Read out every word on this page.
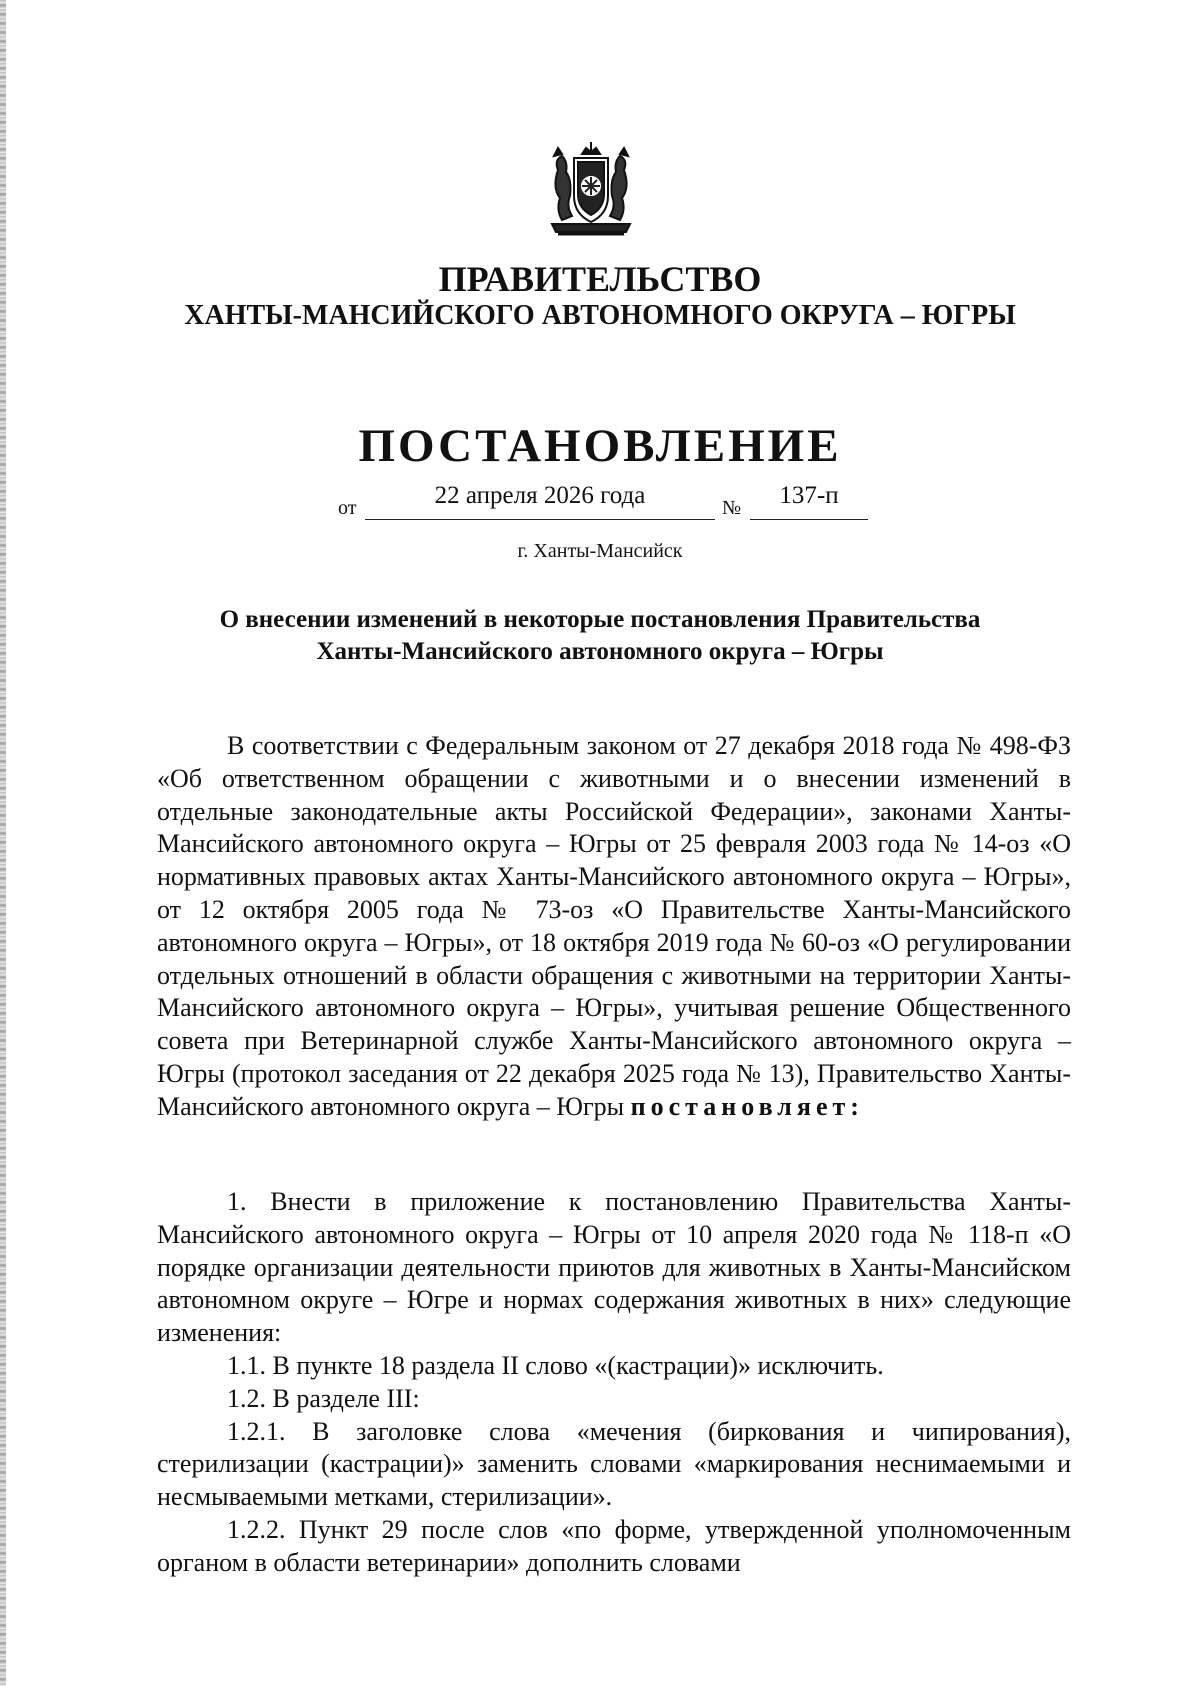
ПРАВИТЕЛЬСТВО
ХАНТЫ-МАНСИЙСКОГО АВТОНОМНОГО ОКРУГА – ЮГРЫ
ПОСТАНОВЛЕНИЕ
от	22 апреля 2026 года	№	137-п
г. Ханты-Мансийск
О внесении изменений в некоторые постановления Правительства
Ханты-Мансийского автономного округа – Югры

В соответствии с Федеральным законом от 27 декабря 2018 года № 498-ФЗ «Об ответственном обращении с животными и о внесении изменений в отдельные законодательные акты Российской Федерации», законами Ханты-Мансийского автономного округа – Югры от 25 февраля 2003 года № 14-оз «О нормативных правовых актах Ханты-Мансийского автономного округа – Югры», от 12 октября 2005 года № 73-оз «О Правительстве Ханты-Мансийского автономного округа – Югры», от 18 октября 2019 года № 60-оз «О регулировании отдельных отношений в области обращения с животными на территории Ханты-Мансийского автономного округа – Югры», учитывая решение Общественного совета при Ветеринарной службе Ханты-Мансийского автономного округа – Югры (протокол заседания от 22 декабря 2025 года № 13), Правительство Ханты-Мансийского автономного округа – Югры постановляет:

1. Внести в приложение к постановлению Правительства Ханты-Мансийского автономного округа – Югры от 10 апреля 2020 года № 118-п «О порядке организации деятельности приютов для животных в Ханты-Мансийском автономном округе – Югре и нормах содержания животных в них» следующие изменения:

1.1. В пункте 18 раздела II слово «(кастрации)» исключить.

1.2. В разделе III:

1.2.1. В заголовке слова «мечения (биркования и чипирования), стерилизации (кастрации)» заменить словами «маркирования неснимаемыми и несмываемыми метками, стерилизации».

1.2.2. Пункт 29 после слов «по форме, утвержденной уполномоченным органом в области ветеринарии» дополнить словами
